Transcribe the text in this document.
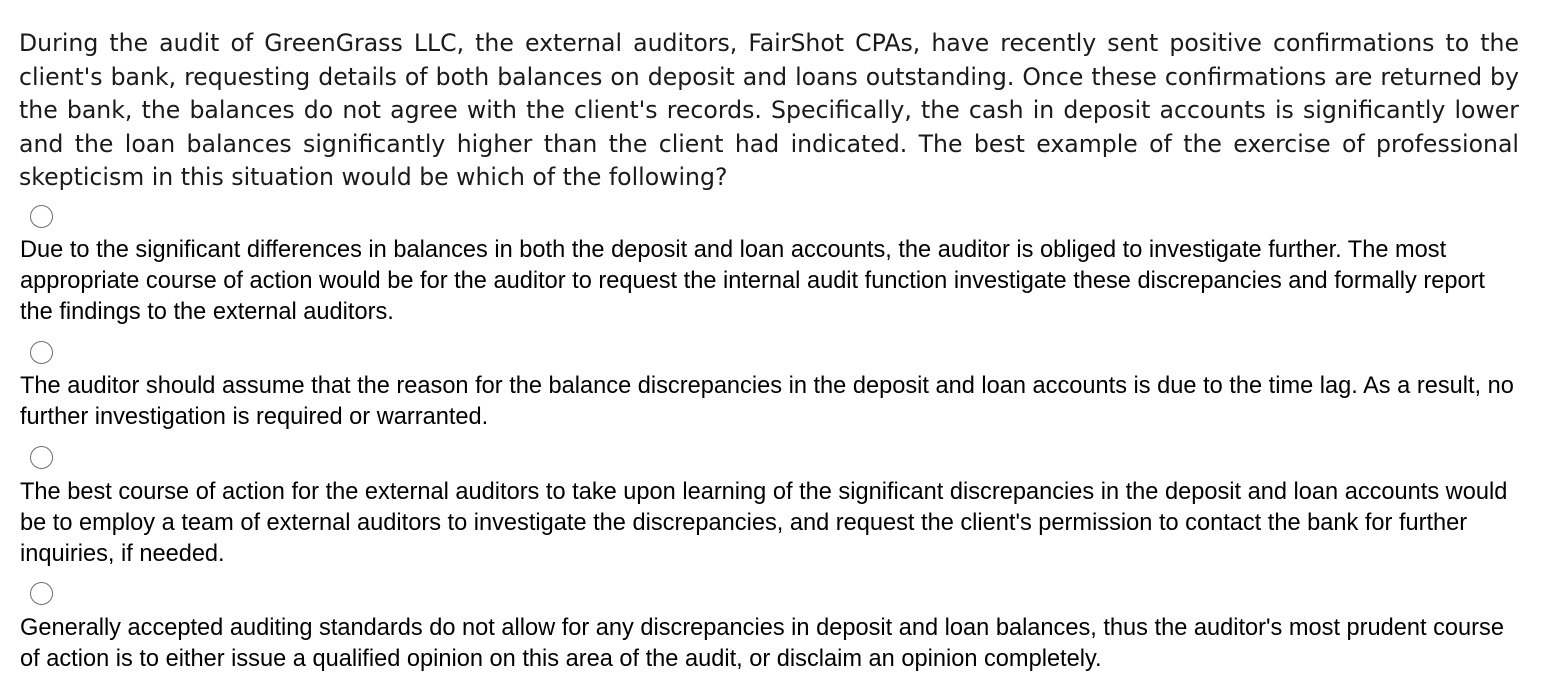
During the audit of GreenGrass LLC, the external auditors, FairShot CPAs, have recently sent positive confirmations to the client's bank, requesting details of both balances on deposit and loans outstanding. Once these confirmations are returned by the bank, the balances do not agree with the client's records. Specifically, the cash in deposit accounts is significantly lower and the loan balances significantly higher than the client had indicated. The best example of the exercise of professional skepticism in this situation would be which of the following?

Due to the significant differences in balances in both the deposit and loan accounts, the auditor is obliged to investigate further. The most appropriate course of action would be for the auditor to request the internal audit function investigate these discrepancies and formally report the findings to the external auditors.

The auditor should assume that the reason for the balance discrepancies in the deposit and loan accounts is due to the time lag. As a result, no further investigation is required or warranted.

The best course of action for the external auditors to take upon learning of the significant discrepancies in the deposit and loan accounts would be to employ a team of external auditors to investigate the discrepancies, and request the client's permission to contact the bank for further inquiries, if needed.

Generally accepted auditing standards do not allow for any discrepancies in deposit and loan balances, thus the auditor's most prudent course of action is to either issue a qualified opinion on this area of the audit, or disclaim an opinion completely.
